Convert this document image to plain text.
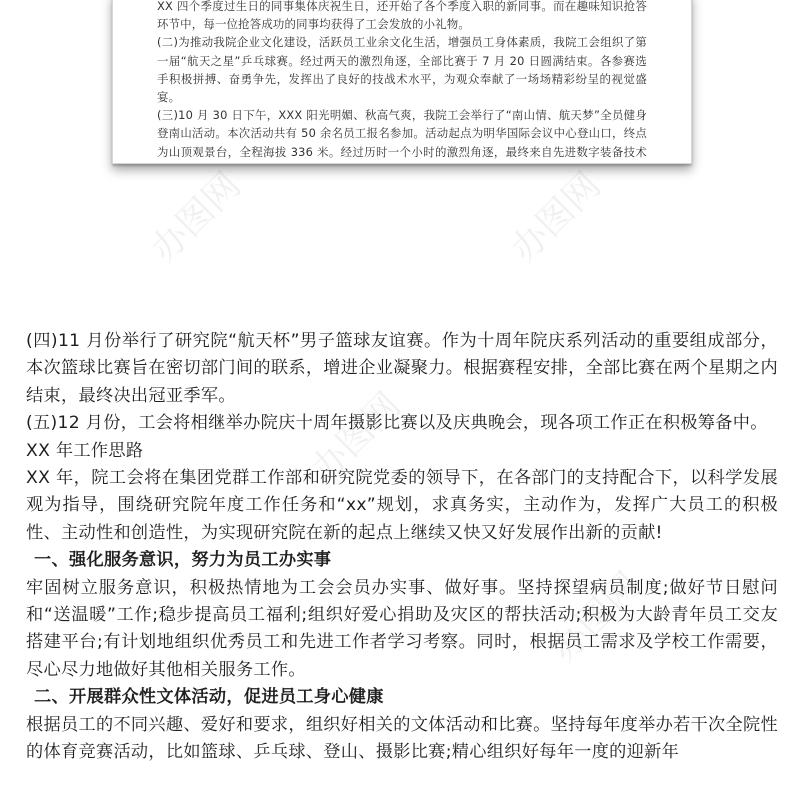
XX 四个季度过生日的同事集体庆祝生日，还开始了各个季度入职的新同事。而在趣味知识抢答环节中，每一位抢答成功的同事均获得了工会发放的小礼物。

(二)为推动我院企业文化建设，活跃员工业余文化生活，增强员工身体素质，我院工会组织了第一届“航天之星”乒乓球赛。经过两天的激烈角逐，全部比赛于 7 月 20 日圆满结束。各参赛选手积极拼搏、奋勇争先，发挥出了良好的技战术水平，为观众奉献了一场场精彩纷呈的视觉盛宴。

(三)10 月 30 日下午，XXX 阳光明媚、秋高气爽，我院工会举行了“南山情、航天梦”全员健身登南山活动。本次活动共有 50 余名员工报名参加。活动起点为明华国际会议中心登山口，终点为山顶观景台，全程海拔 336 米。经过历时一个小时的激烈角逐，最终来自先进数字装备技术

办图网
办图网

(四)11 月份举行了研究院“航天杯”男子篮球友谊赛。作为十周年院庆系列活动的重要组成部分，本次篮球比赛旨在密切部门间的联系，增进企业凝聚力。根据赛程安排，全部比赛在两个星期之内结束，最终决出冠亚季军。

(五)12 月份，工会将相继举办院庆十周年摄影比赛以及庆典晚会，现各项工作正在积极筹备中。

XX 年工作思路

XX 年，院工会将在集团党群工作部和研究院党委的领导下，在各部门的支持配合下，以科学发展观为指导，围绕研究院年度工作任务和“xx”规划，求真务实，主动作为，发挥广大员工的积极性、主动性和创造性，为实现研究院在新的起点上继续又快又好发展作出新的贡献!

一、强化服务意识，努力为员工办实事

牢固树立服务意识，积极热情地为工会会员办实事、做好事。坚持探望病员制度;做好节日慰问和“送温暖”工作;稳步提高员工福利;组织好爱心捐助及灾区的帮扶活动;积极为大龄青年员工交友搭建平台;有计划地组织优秀员工和先进工作者学习考察。同时，根据员工需求及学校工作需要，尽心尽力地做好其他相关服务工作。

二、开展群众性文体活动，促进员工身心健康

根据员工的不同兴趣、爱好和要求，组织好相关的文体活动和比赛。坚持每年度举办若干次全院性的体育竞赛活动，比如篮球、乒乓球、登山、摄影比赛;精心组织好每年一度的迎新年
